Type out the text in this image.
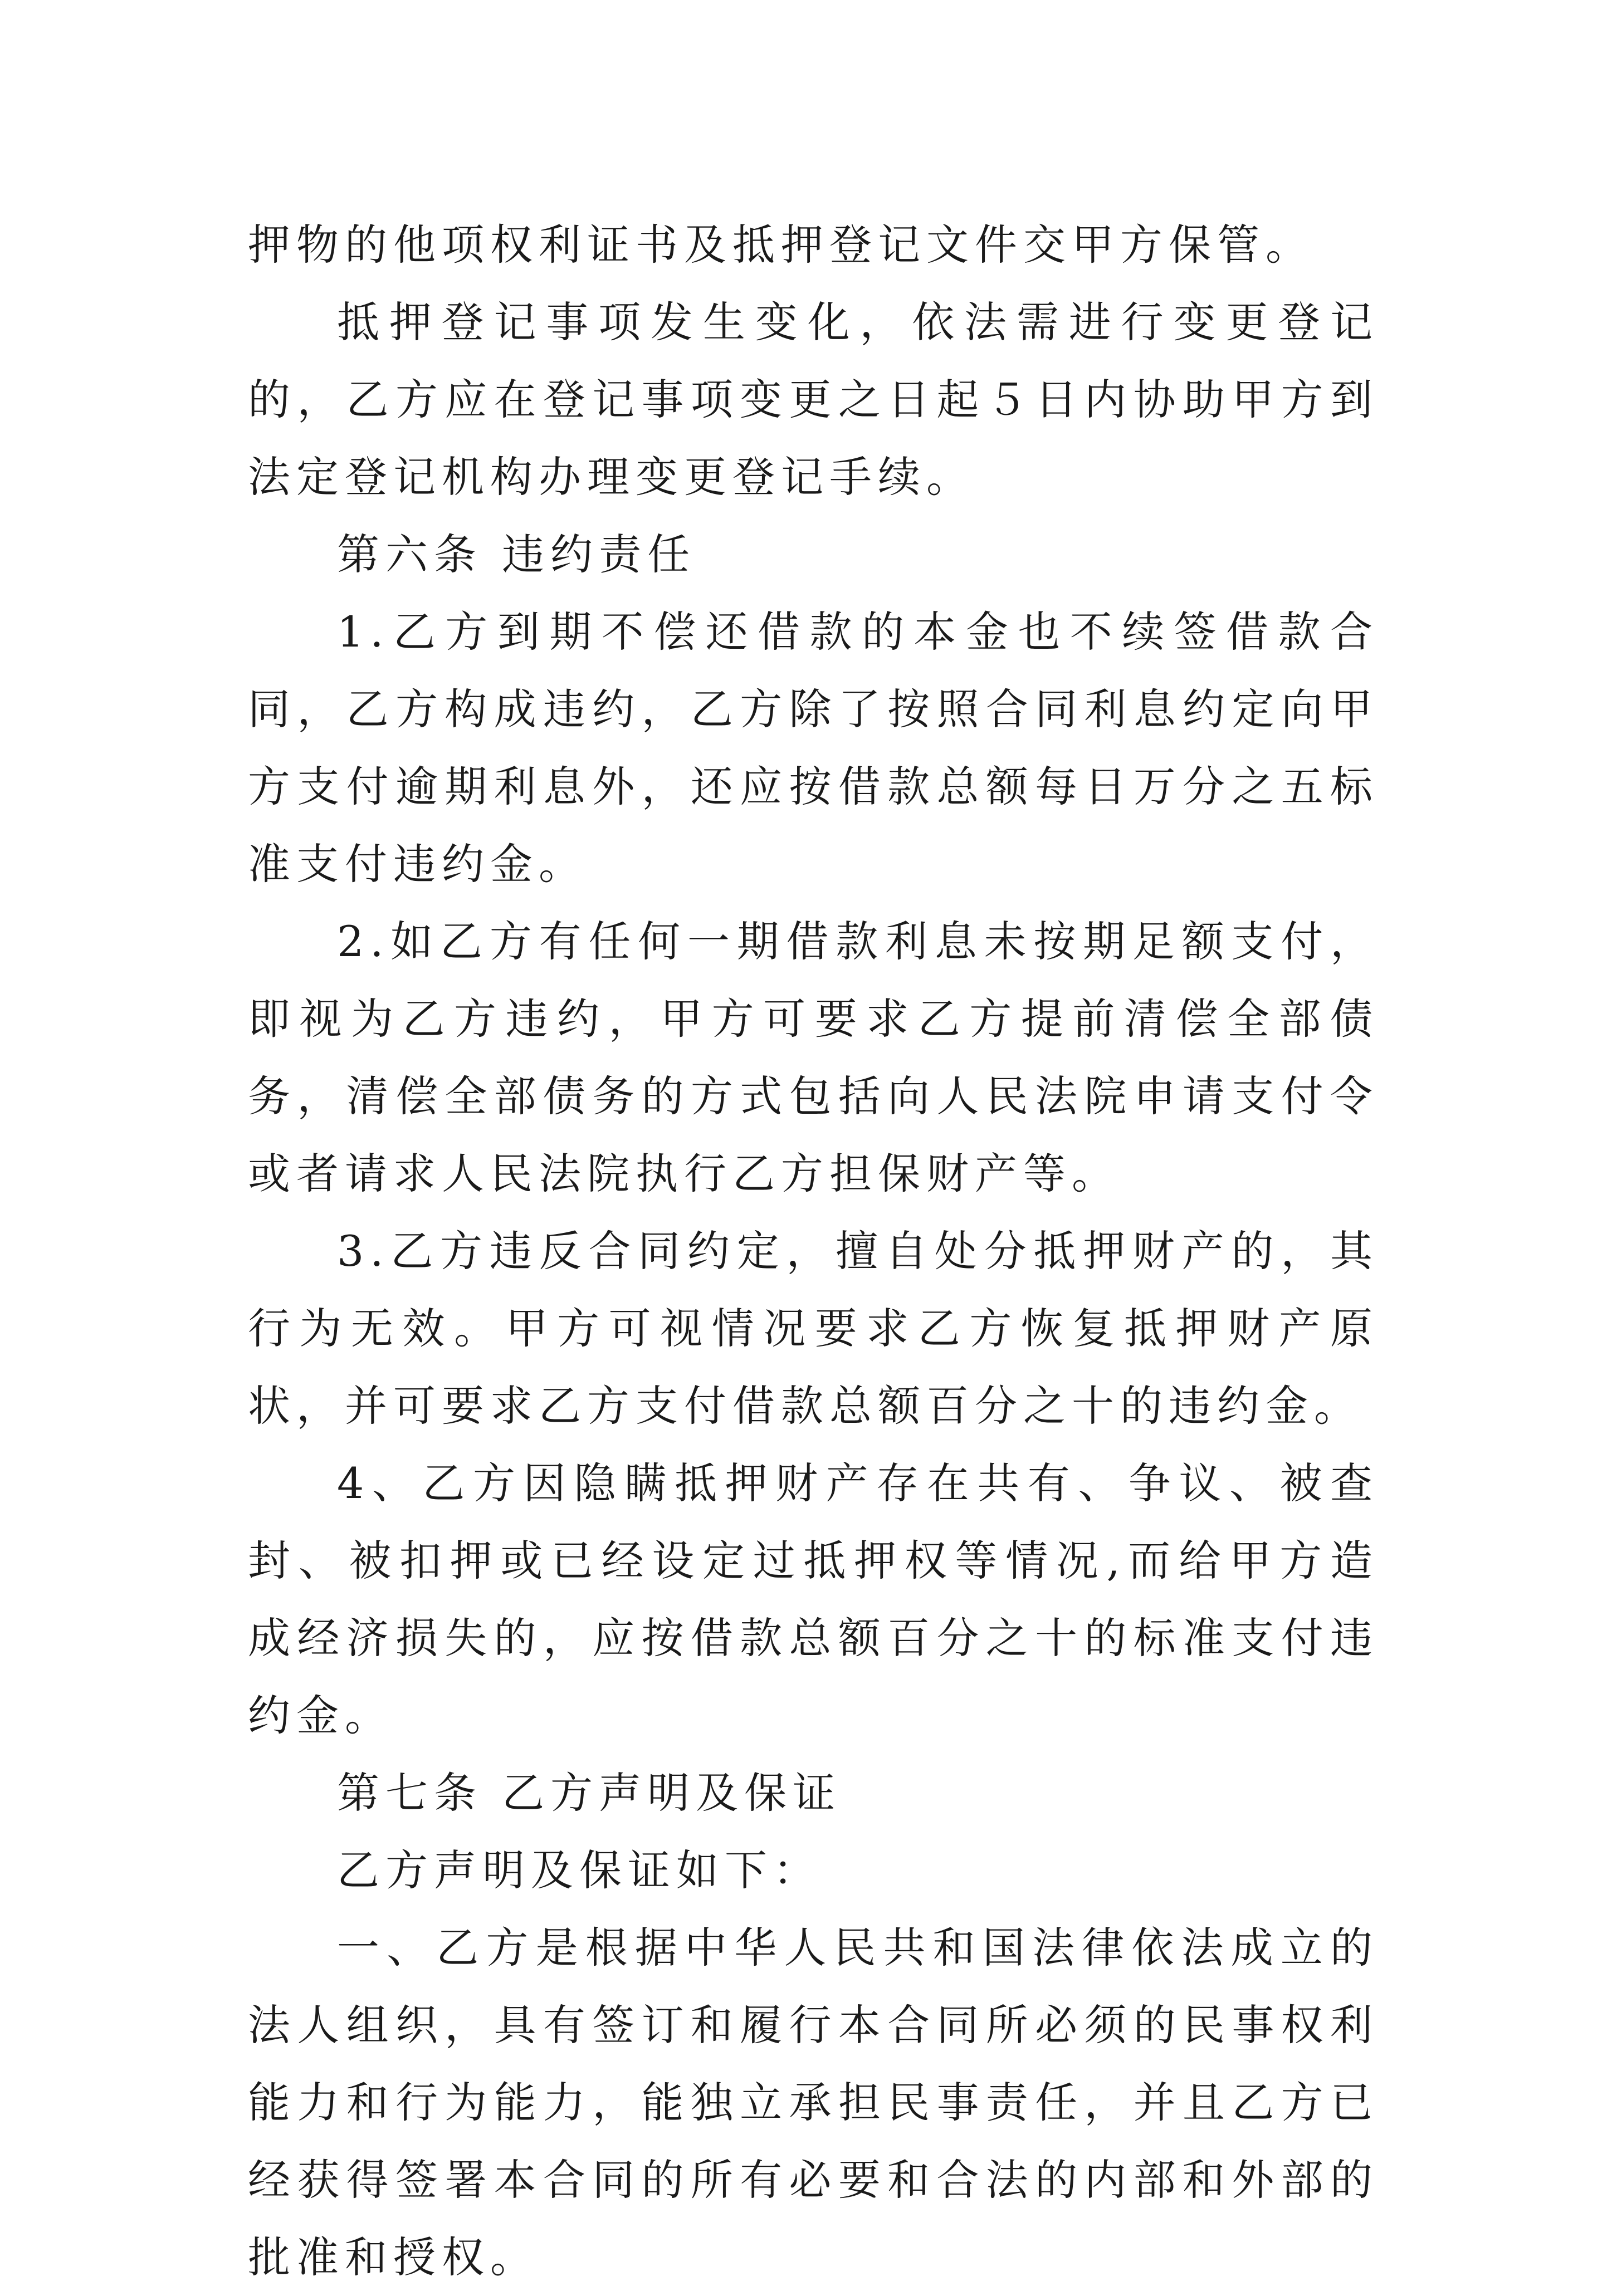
押物的他项权利证书及抵押登记文件交甲方保管。

抵押登记事项发生变化，依法需进行变更登记的，乙方应在登记事项变更之日起５日内协助甲方到法定登记机构办理变更登记手续。

第六条 违约责任

1.乙方到期不偿还借款的本金也不续签借款合同，乙方构成违约，乙方除了按照合同利息约定向甲方支付逾期利息外，还应按借款总额每日万分之五标准支付违约金。

2.如乙方有任何一期借款利息未按期足额支付，即视为乙方违约，甲方可要求乙方提前清偿全部债务，清偿全部债务的方式包括向人民法院申请支付令或者请求人民法院执行乙方担保财产等。

3.乙方违反合同约定，擅自处分抵押财产的，其行为无效。甲方可视情况要求乙方恢复抵押财产原状，并可要求乙方支付借款总额百分之十的违约金。

4、乙方因隐瞒抵押财产存在共有、争议、被查封、被扣押或已经设定过抵押权等情况,而给甲方造成经济损失的，应按借款总额百分之十的标准支付违约金。

第七条 乙方声明及保证

乙方声明及保证如下：

一、乙方是根据中华人民共和国法律依法成立的法人组织，具有签订和履行本合同所必须的民事权利能力和行为能力，能独立承担民事责任，并且乙方已经获得签署本合同的所有必要和合法的内部和外部的批准和授权。
